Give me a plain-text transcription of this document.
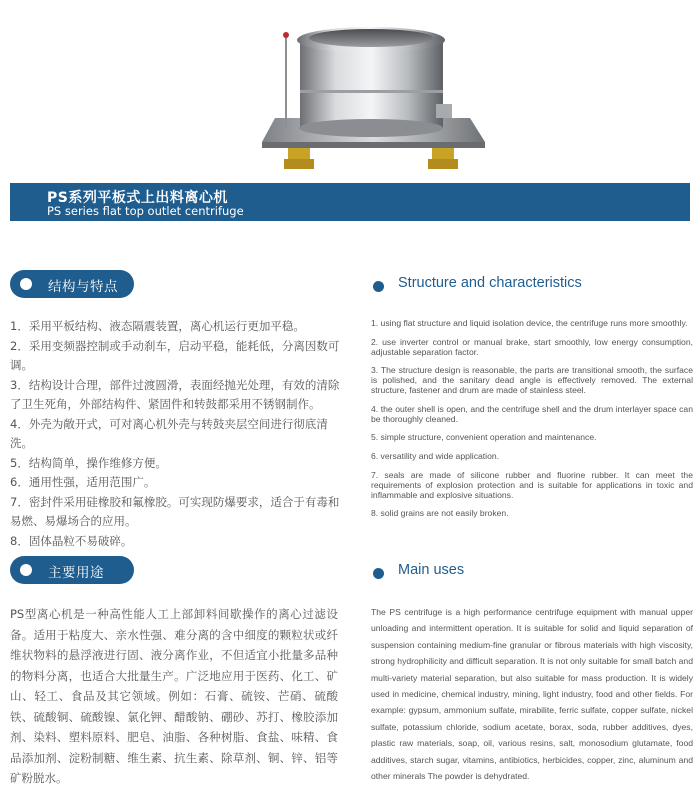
PS系列平板式上出料离心机
PS series flat top outlet centrifuge
结构与特点	Structure and characteristics
1．采用平板结构、液态隔震装置，离心机运行更加平稳。
2．采用变频器控制或手动刹车，启动平稳，能耗低，分离因数可调。
3．结构设计合理，部件过渡圆滑，表面经抛光处理，有效的清除了卫生死角，外部结构件、紧固件和转鼓都采用不锈钢制作。
4．外壳为敞开式，可对离心机外壳与转鼓夹层空间进行彻底清洗。
5．结构简单，操作维修方便。
6．通用性强，适用范围广。
7．密封件采用硅橡胶和氟橡胶。可实现防爆要求，适合于有毒和易燃、易爆场合的应用。
8．固体晶粒不易破碎。
1. using flat structure and liquid isolation device, the centrifuge runs more smoothly.
2. use inverter control or manual brake, start smoothly, low energy consumption, adjustable separation factor.
3. The structure design is reasonable, the parts are transitional smooth, the surface is polished, and the sanitary dead angle is effectively removed. The external structure, fastener and drum are made of stainless steel.
4. the outer shell is open, and the centrifuge shell and the drum interlayer space can be thoroughly cleaned.
5. simple structure, convenient operation and maintenance.
6. versatility and wide application.
7. seals are made of silicone rubber and fluorine rubber. It can meet the requirements of explosion protection and is suitable for applications in toxic and inflammable and explosive situations.
8. solid grains are not easily broken.
主要用途	Main uses

PS型离心机是一种高性能人工上部卸料间歇操作的离心过滤设备。适用于粘度大、亲水性强、难分离的含中细度的颗粒状或纤维状物料的悬浮液进行固、液分离作业，不但适宜小批量多品种的物料分离，也适合大批量生产。广泛地应用于医药、化工、矿山、轻工、食品及其它领域。例如：石膏、硫铵、芒硝、硫酸铁、硫酸铜、硫酸镍、氯化钾、醋酸钠、硼砂、苏打、橡胶添加剂、染料、塑料原料、肥皂、油脂、各种树脂、食盐、味精、食品添加剂、淀粉制糖、维生素、抗生素、除草剂、铜、锌、铝等矿粉脱水。

The PS centrifuge is a high performance centrifuge equipment with manual upper unloading and intermittent operation. It is suitable for solid and liquid separation of suspension containing medium-fine granular or fibrous materials with high viscosity, strong hydrophilicity and difficult separation. It is not only suitable for small batch and multi-variety material separation, but also suitable for mass production. It is widely used in medicine, chemical industry, mining, light industry, food and other fields. For example: gypsum, ammonium sulfate, mirabilite, ferric sulfate, copper sulfate, nickel sulfate, potassium chloride, sodium acetate, borax, soda, rubber additives, dyes, plastic raw materials, soap, oil, various resins, salt, monosodium glutamate, food additives, starch sugar, vitamins, antibiotics, herbicides, copper, zinc, aluminum and other minerals The powder is dehydrated.
